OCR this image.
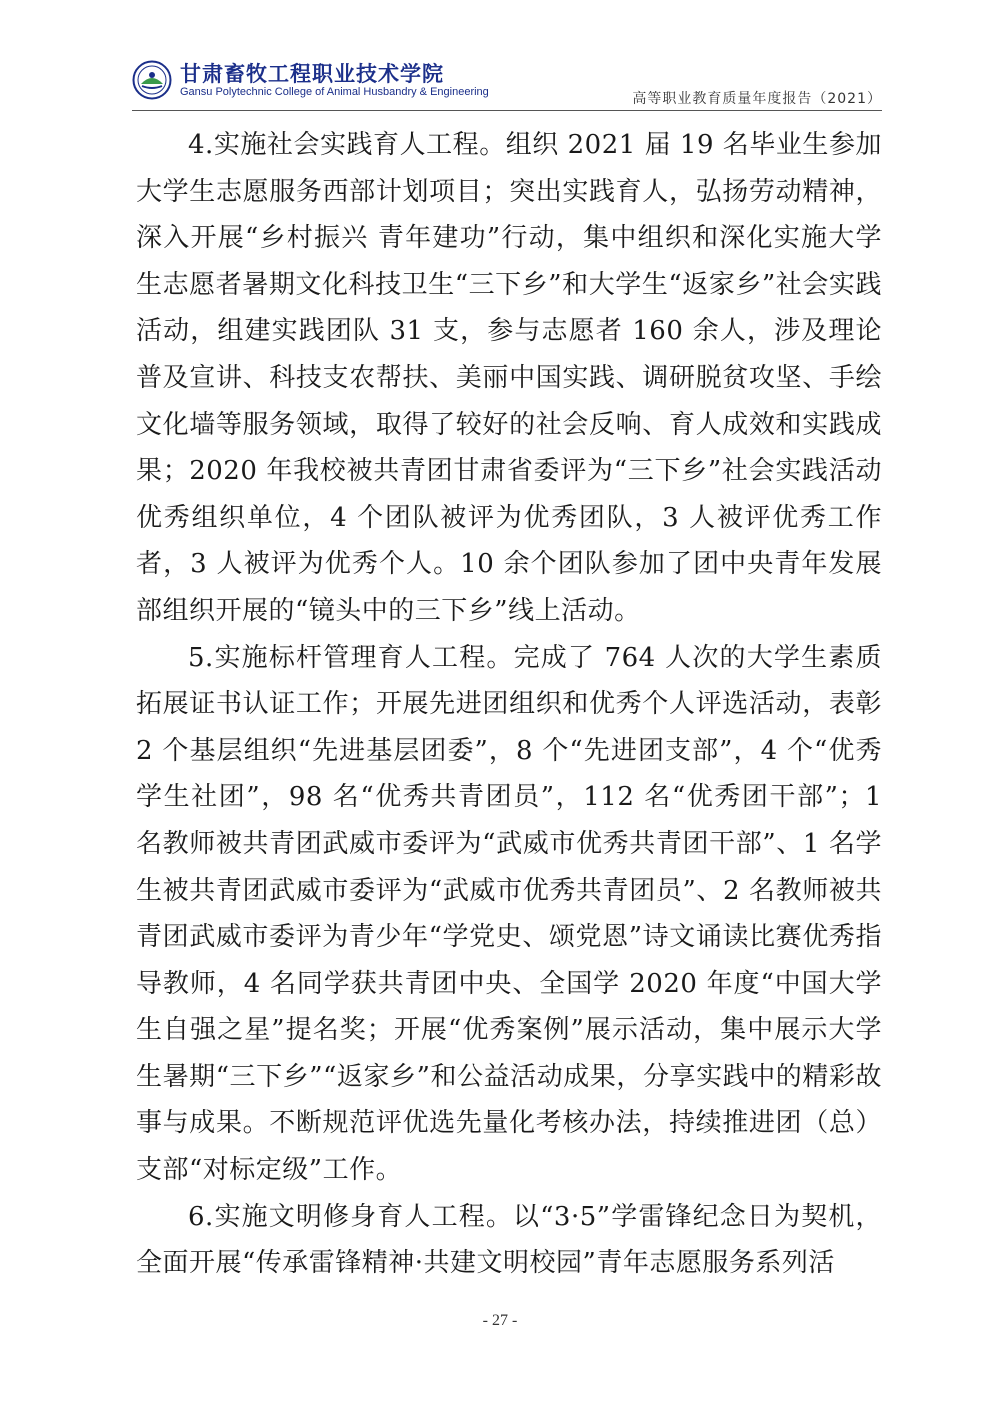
甘肃畜牧工程职业技术学院
Gansu Polytechnic College of Animal Husbandry & Engineering	高等职业教育质量年度报告（2021）

4.实施社会实践育人工程。组织 2021 届 19 名毕业生参加大学生志愿服务西部计划项目；突出实践育人，弘扬劳动精神，深入开展“乡村振兴 青年建功”行动，集中组织和深化实施大学生志愿者暑期文化科技卫生“三下乡”和大学生“返家乡”社会实践活动，组建实践团队 31 支，参与志愿者 160 余人，涉及理论普及宣讲、科技支农帮扶、美丽中国实践、调研脱贫攻坚、手绘文化墙等服务领域，取得了较好的社会反响、育人成效和实践成果；2020 年我校被共青团甘肃省委评为“三下乡”社会实践活动优秀组织单位，4 个团队被评为优秀团队，3 人被评优秀工作者，3 人被评为优秀个人。10 余个团队参加了团中央青年发展部组织开展的“镜头中的三下乡”线上活动。

5.实施标杆管理育人工程。完成了 764 人次的大学生素质拓展证书认证工作；开展先进团组织和优秀个人评选活动，表彰 2 个基层组织“先进基层团委”，8 个“先进团支部”，4 个“优秀学生社团”，98 名“优秀共青团员”，112 名“优秀团干部”；1 名教师被共青团武威市委评为“武威市优秀共青团干部”、1 名学生被共青团武威市委评为“武威市优秀共青团员”、2 名教师被共青团武威市委评为青少年“学党史、颂党恩”诗文诵读比赛优秀指导教师，4 名同学获共青团中央、全国学 2020 年度“中国大学生自强之星”提名奖；开展“优秀案例”展示活动，集中展示大学生暑期“三下乡”“返家乡”和公益活动成果，分享实践中的精彩故事与成果。不断规范评优选先量化考核办法，持续推进团（总）支部“对标定级”工作。

6.实施文明修身育人工程。以“3·5”学雷锋纪念日为契机，全面开展“传承雷锋精神·共建文明校园”青年志愿服务系列活

- 27 -
